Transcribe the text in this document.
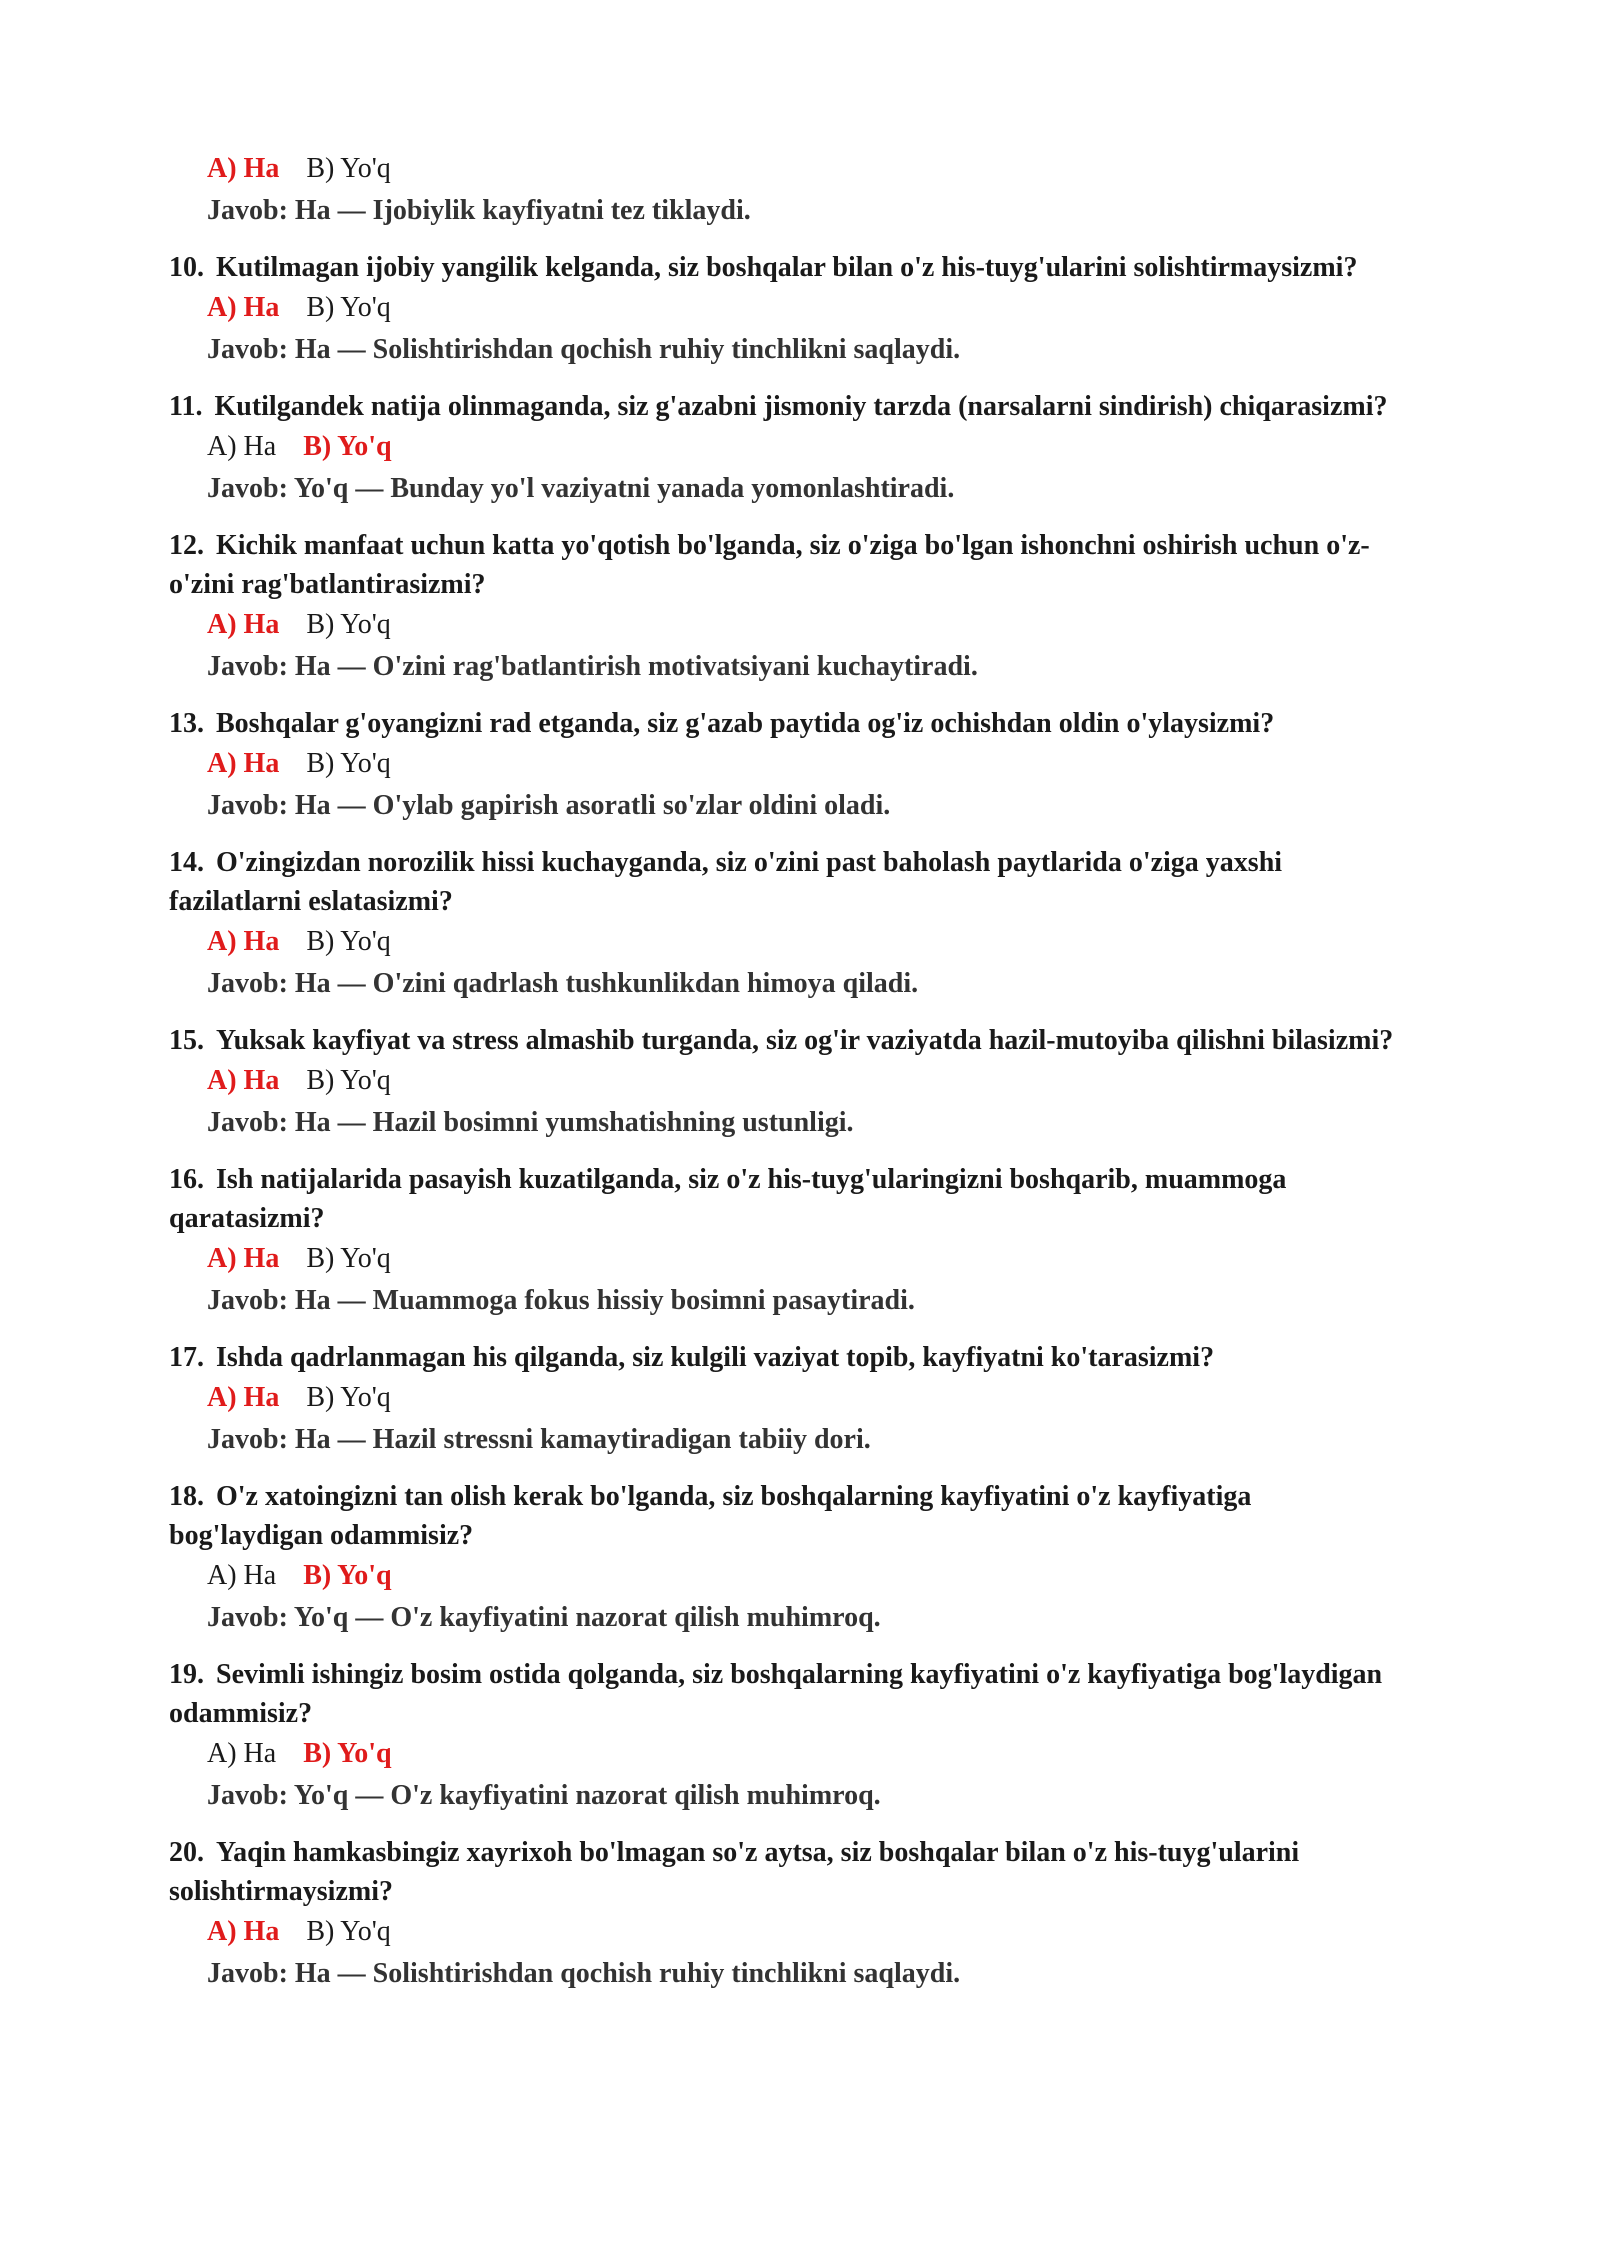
A) Ha B) Yo'q
Javob: Ha — Ijobiylik kayfiyatni tez tiklaydi.

10. Kutilmagan ijobiy yangilik kelganda, siz boshqalar bilan o'z his-tuyg'ularini solishtirmaysizmi?

A) Ha B) Yo'q
Javob: Ha — Solishtirishdan qochish ruhiy tinchlikni saqlaydi.

11. Kutilgandek natija olinmaganda, siz g'azabni jismoniy tarzda (narsalarni sindirish) chiqarasizmi?

A) Ha B) Yo'q
Javob: Yo'q — Bunday yo'l vaziyatni yanada yomonlashtiradi.

12. Kichik manfaat uchun katta yo'qotish bo'lganda, siz o'ziga bo'lgan ishonchni oshirish uchun o'z-o'zini rag'batlantirasizmi?

A) Ha B) Yo'q
Javob: Ha — O'zini rag'batlantirish motivatsiyani kuchaytiradi.

13. Boshqalar g'oyangizni rad etganda, siz g'azab paytida og'iz ochishdan oldin o'ylaysizmi?

A) Ha B) Yo'q
Javob: Ha — O'ylab gapirish asoratli so'zlar oldini oladi.

14. O'zingizdan norozilik hissi kuchayganda, siz o'zini past baholash paytlarida o'ziga yaxshi fazilatlarni eslatasizmi?

A) Ha B) Yo'q
Javob: Ha — O'zini qadrlash tushkunlikdan himoya qiladi.

15. Yuksak kayfiyat va stress almashib turganda, siz og'ir vaziyatda hazil-mutoyiba qilishni bilasizmi?

A) Ha B) Yo'q
Javob: Ha — Hazil bosimni yumshatishning ustunligi.

16. Ish natijalarida pasayish kuzatilganda, siz o'z his-tuyg'ularingizni boshqarib, muammoga qaratasizmi?

A) Ha B) Yo'q
Javob: Ha — Muammoga fokus hissiy bosimni pasaytiradi.

17. Ishda qadrlanmagan his qilganda, siz kulgili vaziyat topib, kayfiyatni ko'tarasizmi?

A) Ha B) Yo'q
Javob: Ha — Hazil stressni kamaytiradigan tabiiy dori.

18. O'z xatoingizni tan olish kerak bo'lganda, siz boshqalarning kayfiyatini o'z kayfiyatiga bog'laydigan odammisiz?

A) Ha B) Yo'q
Javob: Yo'q — O'z kayfiyatini nazorat qilish muhimroq.

19. Sevimli ishingiz bosim ostida qolganda, siz boshqalarning kayfiyatini o'z kayfiyatiga bog'laydigan odammisiz?

A) Ha B) Yo'q
Javob: Yo'q — O'z kayfiyatini nazorat qilish muhimroq.

20. Yaqin hamkasbingiz xayrixoh bo'lmagan so'z aytsa, siz boshqalar bilan o'z his-tuyg'ularini solishtirmaysizmi?

A) Ha B) Yo'q
Javob: Ha — Solishtirishdan qochish ruhiy tinchlikni saqlaydi.
